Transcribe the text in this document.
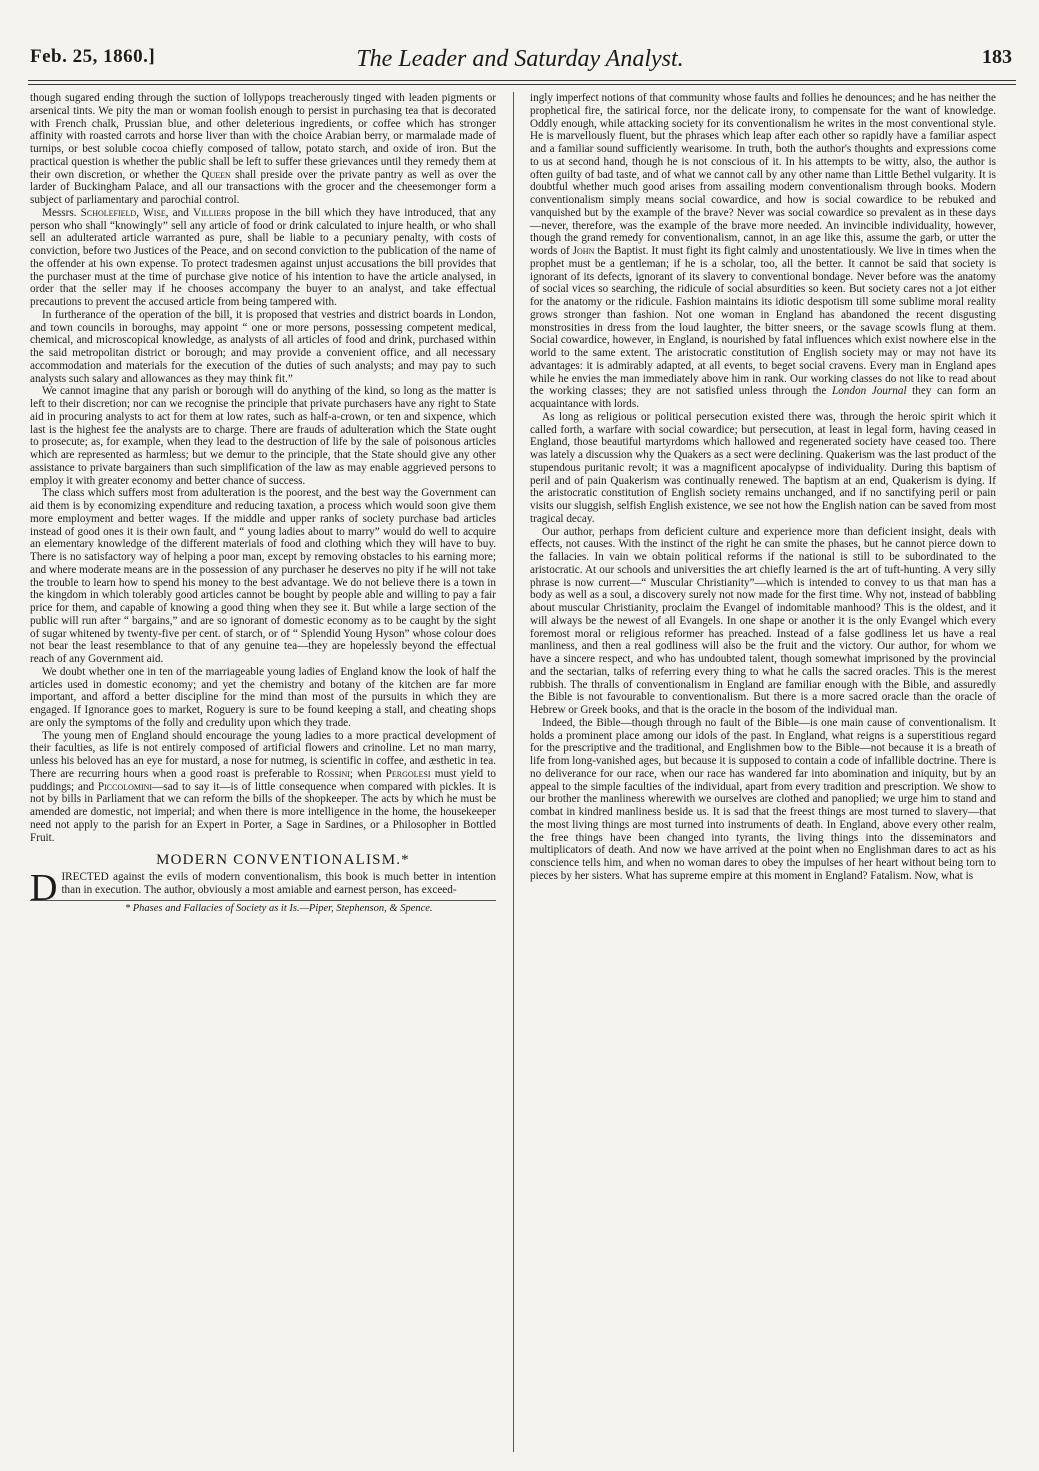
Feb. 25, 1860.]	The Leader and Saturday Analyst.	183

though sugared ending through the suction of lollypops treacherously tinged with leaden pigments or arsenical tints. We pity the man or woman foolish enough to persist in purchasing tea that is decorated with French chalk, Prussian blue, and other deleterious ingredients, or coffee which has stronger affinity with roasted carrots and horse liver than with the choice Arabian berry, or marmalade made of turnips, or best soluble cocoa chiefly composed of tallow, potato starch, and oxide of iron. But the practical question is whether the public shall be left to suffer these grievances until they remedy them at their own discretion, or whether the Queen shall preside over the private pantry as well as over the larder of Buckingham Palace, and all our transactions with the grocer and the cheesemonger form a subject of parliamentary and parochial control.

Messrs. Scholefield, Wise, and Villiers propose in the bill which they have introduced, that any person who shall “knowingly” sell any article of food or drink calculated to injure health, or who shall sell an adulterated article warranted as pure, shall be liable to a pecuniary penalty, with costs of conviction, before two Justices of the Peace, and on second conviction to the publication of the name of the offender at his own expense. To protect tradesmen against unjust accusations the bill provides that the purchaser must at the time of purchase give notice of his intention to have the article analysed, in order that the seller may if he chooses accompany the buyer to an analyst, and take effectual precautions to prevent the accused article from being tampered with.

In furtherance of the operation of the bill, it is proposed that vestries and district boards in London, and town councils in boroughs, may appoint “ one or more persons, possessing competent medical, chemical, and microscopical knowledge, as analysts of all articles of food and drink, purchased within the said metropolitan district or borough; and may provide a convenient office, and all necessary accommodation and materials for the execution of the duties of such analysts; and may pay to such analysts such salary and allowances as they may think fit.”

We cannot imagine that any parish or borough will do anything of the kind, so long as the matter is left to their discretion; nor can we recognise the principle that private purchasers have any right to State aid in procuring analysts to act for them at low rates, such as half-a-crown, or ten and sixpence, which last is the highest fee the analysts are to charge. There are frauds of adulteration which the State ought to prosecute; as, for example, when they lead to the destruction of life by the sale of poisonous articles which are represented as harmless; but we demur to the principle, that the State should give any other assistance to private bargainers than such simplification of the law as may enable aggrieved persons to employ it with greater economy and better chance of success.

The class which suffers most from adulteration is the poorest, and the best way the Government can aid them is by economizing expenditure and reducing taxation, a process which would soon give them more employment and better wages. If the middle and upper ranks of society purchase bad articles instead of good ones it is their own fault, and “ young ladies about to marry” would do well to acquire an elementary knowledge of the different materials of food and clothing which they will have to buy. There is no satisfactory way of helping a poor man, except by removing obstacles to his earning more; and where moderate means are in the possession of any purchaser he deserves no pity if he will not take the trouble to learn how to spend his money to the best advantage. We do not believe there is a town in the kingdom in which tolerably good articles cannot be bought by people able and willing to pay a fair price for them, and capable of knowing a good thing when they see it. But while a large section of the public will run after “ bargains,” and are so ignorant of domestic economy as to be caught by the sight of sugar whitened by twenty-five per cent. of starch, or of “ Splendid Young Hyson” whose colour does not bear the least resemblance to that of any genuine tea—they are hopelessly beyond the effectual reach of any Government aid.

We doubt whether one in ten of the marriageable young ladies of England know the look of half the articles used in domestic economy; and yet the chemistry and botany of the kitchen are far more important, and afford a better discipline for the mind than most of the pursuits in which they are engaged. If Ignorance goes to market, Roguery is sure to be found keeping a stall, and cheating shops are only the symptoms of the folly and credulity upon which they trade.

The young men of England should encourage the young ladies to a more practical development of their faculties, as life is not entirely composed of artificial flowers and crinoline. Let no man marry, unless his beloved has an eye for mustard, a nose for nutmeg, is scientific in coffee, and æsthetic in tea. There are recurring hours when a good roast is preferable to Rossini; when Pergolesi must yield to puddings; and Piccolomini—sad to say it—is of little consequence when compared with pickles. It is not by bills in Parliament that we can reform the bills of the shopkeeper. The acts by which he must be amended are domestic, not imperial; and when there is more intelligence in the home, the housekeeper need not apply to the parish for an Expert in Porter, a Sage in Sardines, or a Philosopher in Bottled Fruit.

MODERN CONVENTIONALISM.*

DIRECTED against the evils of modern conventionalism, this book is much better in intention than in execution. The author, obviously a most amiable and earnest person, has exceed-

* Phases and Fallacies of Society as it Is.—Piper, Stephenson, & Spence.

ingly imperfect notions of that community whose faults and follies he denounces; and he has neither the prophetical fire, the satirical force, nor the delicate irony, to compensate for the want of knowledge. Oddly enough, while attacking society for its conventionalism he writes in the most conventional style. He is marvellously fluent, but the phrases which leap after each other so rapidly have a familiar aspect and a familiar sound sufficiently wearisome. In truth, both the author's thoughts and expressions come to us at second hand, though he is not conscious of it. In his attempts to be witty, also, the author is often guilty of bad taste, and of what we cannot call by any other name than Little Bethel vulgarity. It is doubtful whether much good arises from assailing modern conventionalism through books. Modern conventionalism simply means social cowardice, and how is social cowardice to be rebuked and vanquished but by the example of the brave? Never was social cowardice so prevalent as in these days—never, therefore, was the example of the brave more needed. An invincible individuality, however, though the grand remedy for conventionalism, cannot, in an age like this, assume the garb, or utter the words of John the Baptist. It must fight its fight calmly and unostentatiously. We live in times when the prophet must be a gentleman; if he is a scholar, too, all the better. It cannot be said that society is ignorant of its defects, ignorant of its slavery to conventional bondage. Never before was the anatomy of social vices so searching, the ridicule of social absurdities so keen. But society cares not a jot either for the anatomy or the ridicule. Fashion maintains its idiotic despotism till some sublime moral reality grows stronger than fashion. Not one woman in England has abandoned the recent disgusting monstrosities in dress from the loud laughter, the bitter sneers, or the savage scowls flung at them. Social cowardice, however, in England, is nourished by fatal influences which exist nowhere else in the world to the same extent. The aristocratic constitution of English society may or may not have its advantages: it is admirably adapted, at all events, to beget social cravens. Every man in England apes while he envies the man immediately above him in rank. Our working classes do not like to read about the working classes; they are not satisfied unless through the London Journal they can form an acquaintance with lords.

As long as religious or political persecution existed there was, through the heroic spirit which it called forth, a warfare with social cowardice; but persecution, at least in legal form, having ceased in England, those beautiful martyrdoms which hallowed and regenerated society have ceased too. There was lately a discussion why the Quakers as a sect were declining. Quakerism was the last product of the stupendous puritanic revolt; it was a magnificent apocalypse of individuality. During this baptism of peril and of pain Quakerism was continually renewed. The baptism at an end, Quakerism is dying. If the aristocratic constitution of English society remains unchanged, and if no sanctifying peril or pain visits our sluggish, selfish English existence, we see not how the English nation can be saved from most tragical decay.

Our author, perhaps from deficient culture and experience more than deficient insight, deals with effects, not causes. With the instinct of the right he can smite the phases, but he cannot pierce down to the fallacies. In vain we obtain political reforms if the national is still to be subordinated to the aristocratic. At our schools and universities the art chiefly learned is the art of tuft-hunting. A very silly phrase is now current—“ Muscular Christianity”—which is intended to convey to us that man has a body as well as a soul, a discovery surely not now made for the first time. Why not, instead of babbling about muscular Christianity, proclaim the Evangel of indomitable manhood? This is the oldest, and it will always be the newest of all Evangels. In one shape or another it is the only Evangel which every foremost moral or religious reformer has preached. Instead of a false godliness let us have a real manliness, and then a real godliness will also be the fruit and the victory. Our author, for whom we have a sincere respect, and who has undoubted talent, though somewhat imprisoned by the provincial and the sectarian, talks of referring every thing to what he calls the sacred oracles. This is the merest rubbish. The thralls of conventionalism in England are familiar enough with the Bible, and assuredly the Bible is not favourable to conventionalism. But there is a more sacred oracle than the oracle of Hebrew or Greek books, and that is the oracle in the bosom of the individual man.

Indeed, the Bible—though through no fault of the Bible—is one main cause of conventionalism. It holds a prominent place among our idols of the past. In England, what reigns is a superstitious regard for the prescriptive and the traditional, and Englishmen bow to the Bible—not because it is a breath of life from long-vanished ages, but because it is supposed to contain a code of infallible doctrine. There is no deliverance for our race, when our race has wandered far into abomination and iniquity, but by an appeal to the simple faculties of the individual, apart from every tradition and prescription. We show to our brother the manliness wherewith we ourselves are clothed and panoplied; we urge him to stand and combat in kindred manliness beside us. It is sad that the freest things are most turned to slavery—that the most living things are most turned into instruments of death. In England, above every other realm, the free things have been changed into tyrants, the living things into the disseminators and multiplicators of death. And now we have arrived at the point when no Englishman dares to act as his conscience tells him, and when no woman dares to obey the impulses of her heart without being torn to pieces by her sisters. What has supreme empire at this moment in England? Fatalism. Now, what is
